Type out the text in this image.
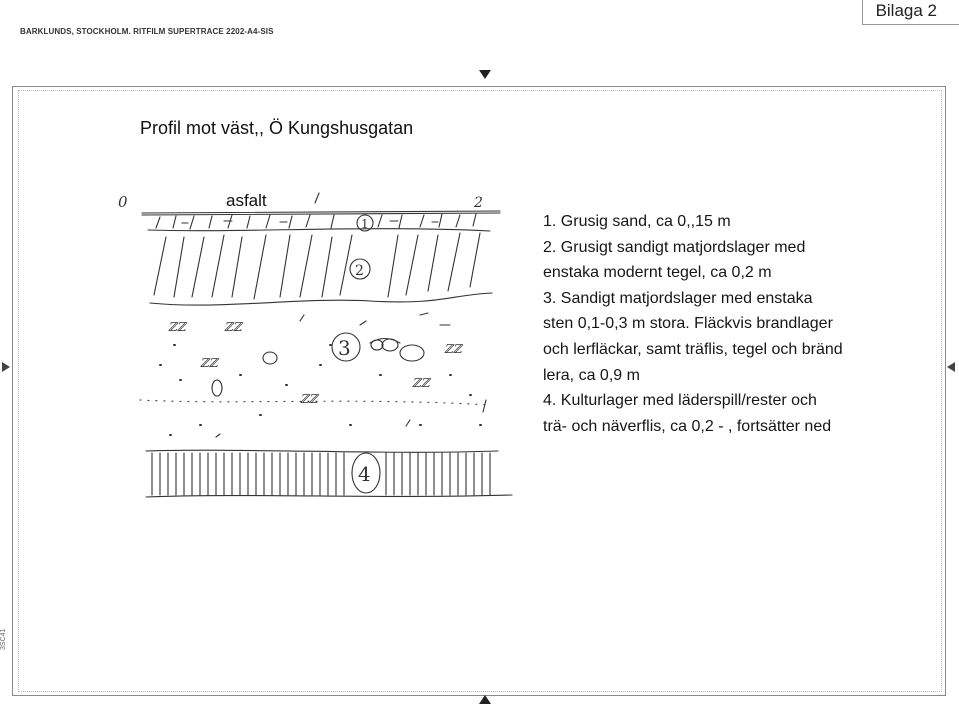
Bilaga 2
BARKLUNDS, STOCKHOLM. RITFILM SUPERTRACE 2202-A4-SIS
3SC41
Profil mot väst,, Ö Kungshusgatan
0	2
asfalt
1
2
ℤℤ	ℤℤ
ℤℤ
ℤℤ
ℤℤ
ℤℤ
3
4
1. Grusig sand, ca 0,,15 m
2. Grusigt sandigt matjordslager med
enstaka modernt tegel, ca 0,2 m
3. Sandigt matjordslager med enstaka
sten 0,1-0,3 m stora. Fläckvis brandlager
och lerfläckar, samt träflis, tegel och bränd
lera, ca 0,9 m
4. Kulturlager med läderspill/rester och
trä- och näverflis, ca 0,2 - , fortsätter ned
